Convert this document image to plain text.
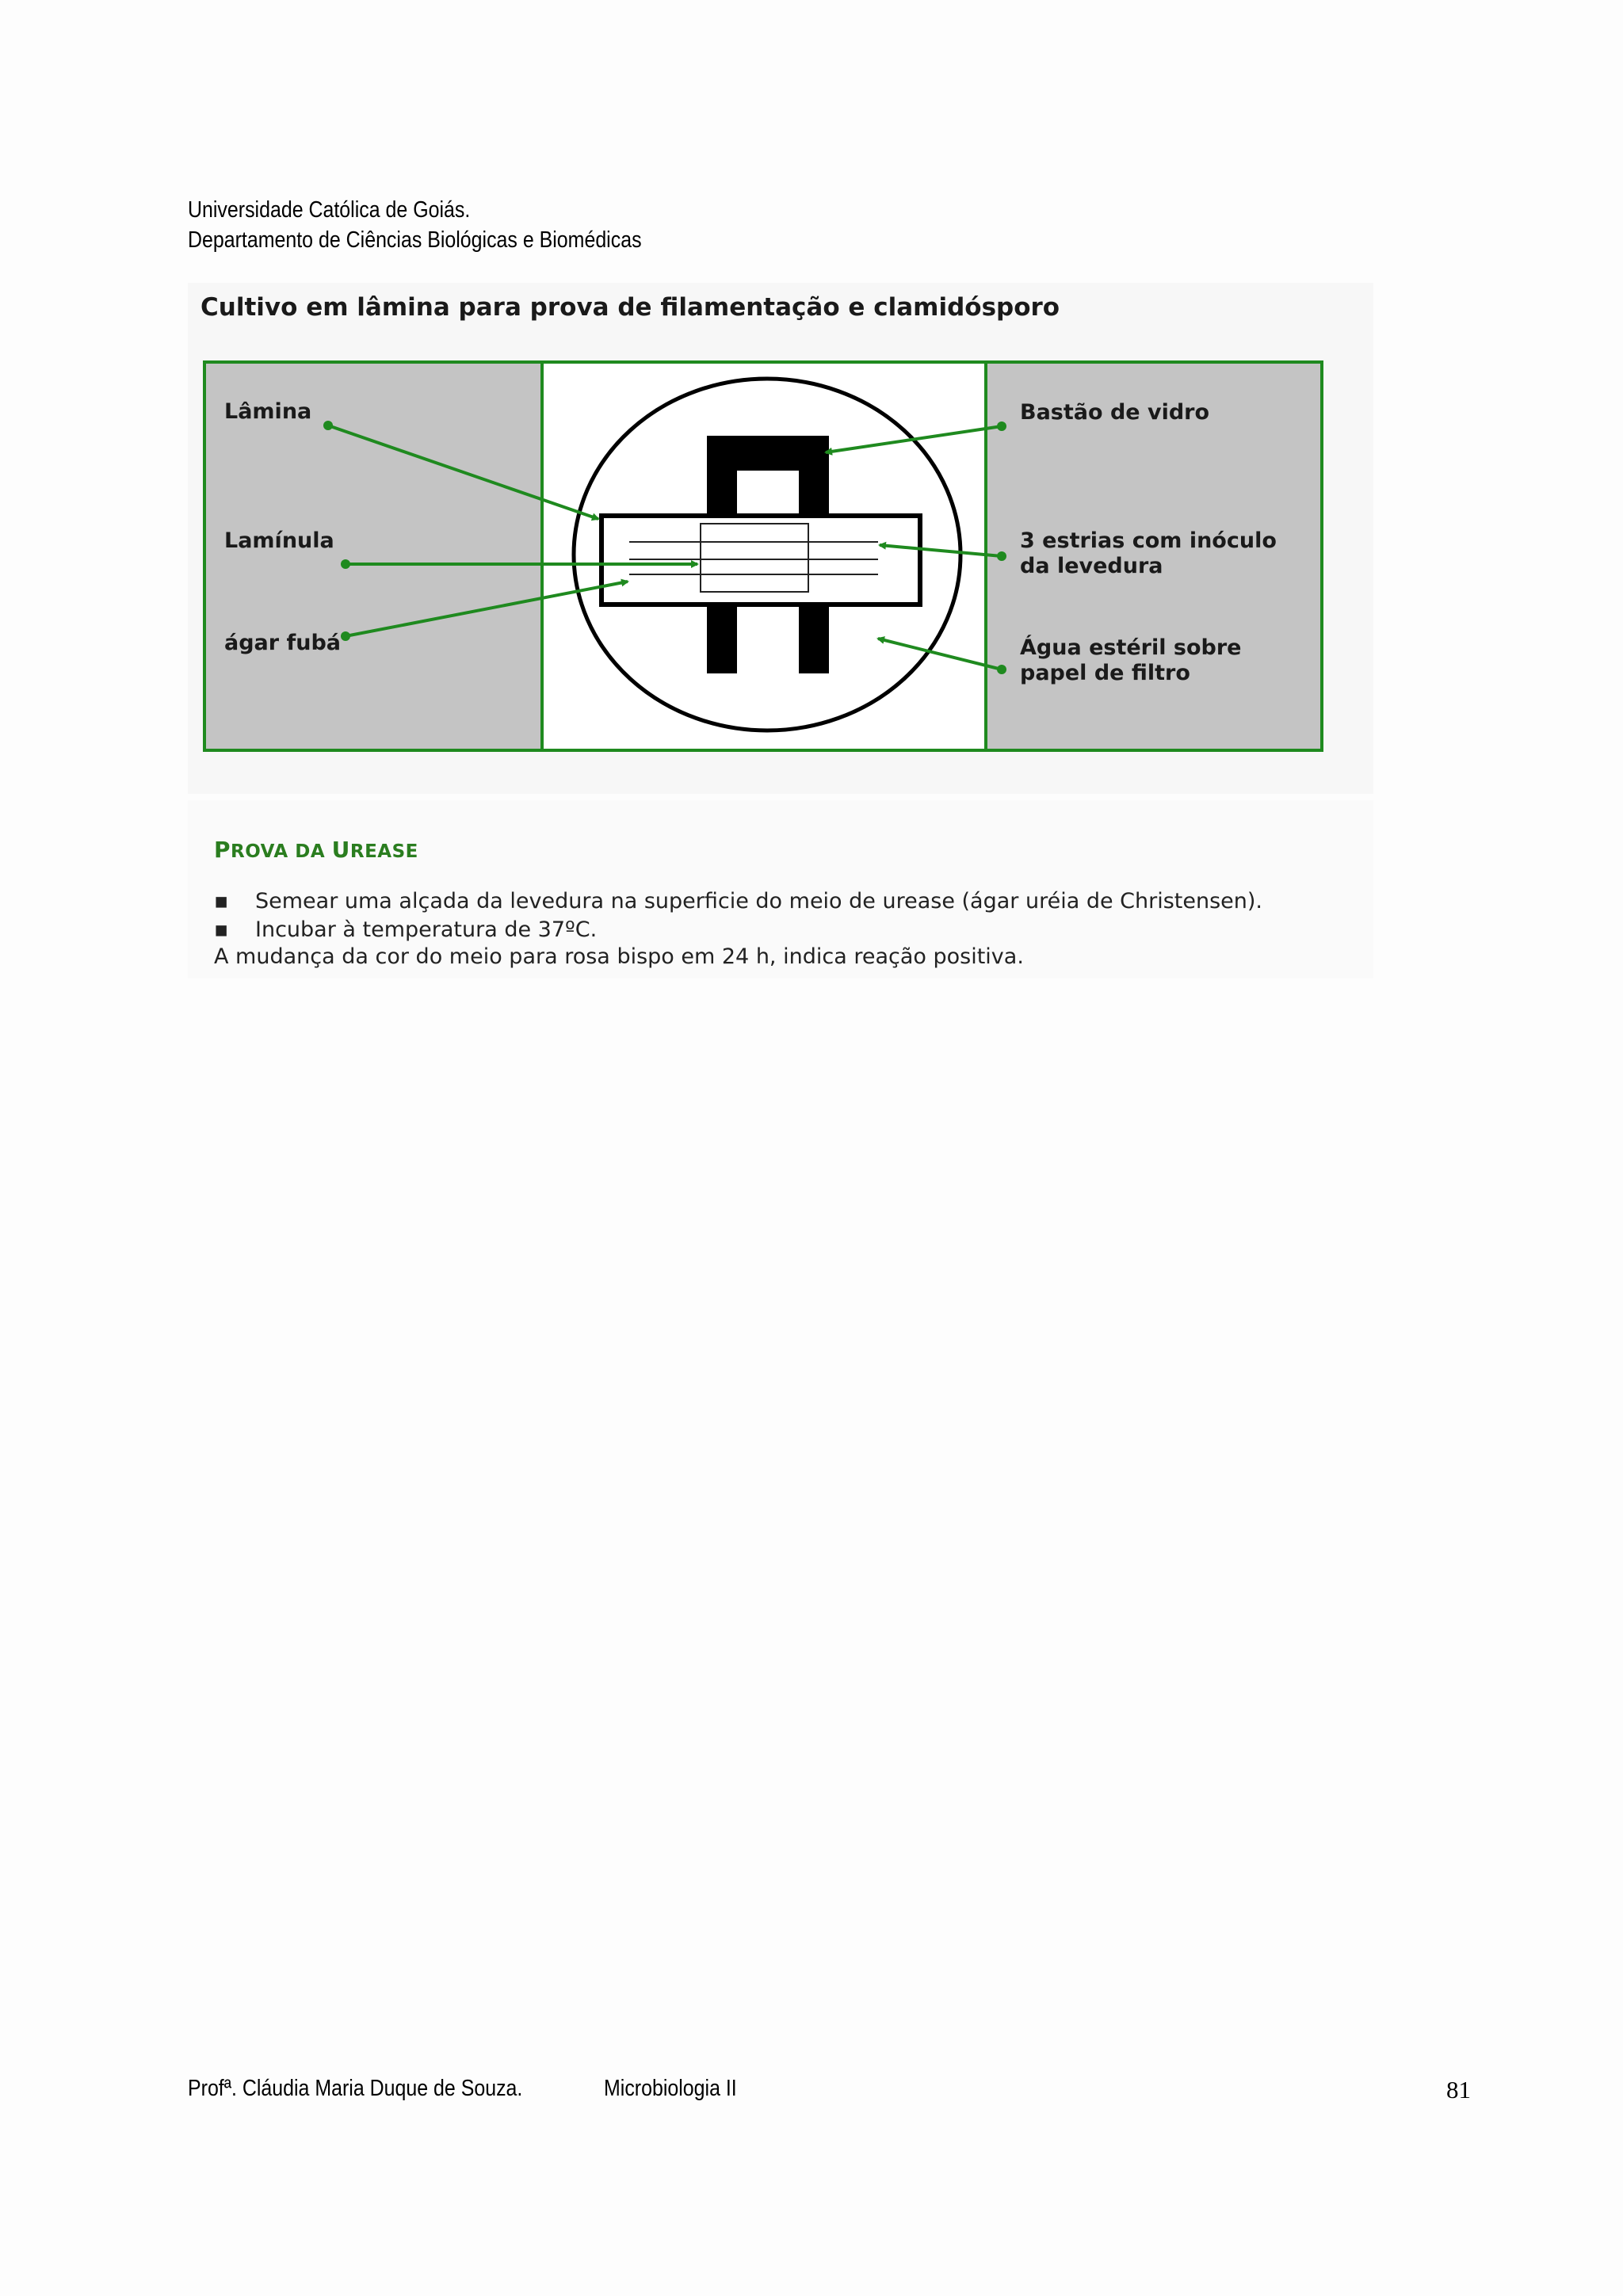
Universidade Católica de Goiás.
Departamento de Ciências Biológicas e Biomédicas
Cultivo em lâmina para prova de filamentação e clamidósporo
Lâmina
Lamínula
ágar fubá
Bastão de vidro
3 estrias com inóculo
da levedura
Água estéril sobre
papel de filtro
PROVA DA UREASE
▪ Semear uma alçada da levedura na superficie do meio de urease (ágar uréia de Christensen).
▪ Incubar à temperatura de 37ºC.
A mudança da cor do meio para rosa bispo em 24 h, indica reação positiva.
Profª. Cláudia Maria Duque de Souza.	Microbiologia II	81
